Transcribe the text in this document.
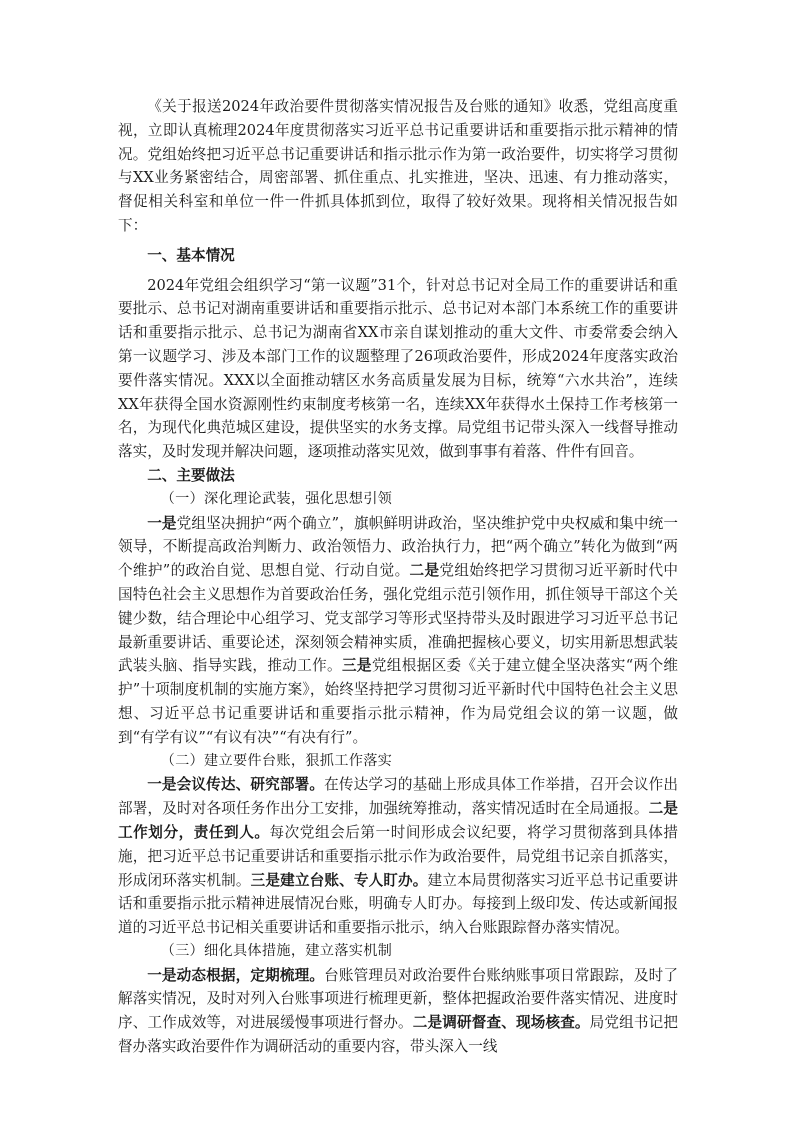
《关于报送2024年政治要件贯彻落实情况报告及台账的通知》收悉，党组高度重视，立即认真梳理2024年度贯彻落实习近平总书记重要讲话和重要指示批示精神的情况。党组始终把习近平总书记重要讲话和指示批示作为第一政治要件，切实将学习贯彻与XX业务紧密结合，周密部署、抓住重点、扎实推进，坚决、迅速、有力推动落实，督促相关科室和单位一件一件抓具体抓到位，取得了较好效果。现将相关情况报告如下：

一、基本情况

2024年党组会组织学习“第一议题”31个，针对总书记对全局工作的重要讲话和重要批示、总书记对湖南重要讲话和重要指示批示、总书记对本部门本系统工作的重要讲话和重要指示批示、总书记为湖南省XX市亲自谋划推动的重大文件、市委常委会纳入第一议题学习、涉及本部门工作的议题整理了26项政治要件，形成2024年度落实政治要件落实情况。XXX以全面推动辖区水务高质量发展为目标，统筹“六水共治”，连续XX年获得全国水资源刚性约束制度考核第一名，连续XX年获得水土保持工作考核第一名，为现代化典范城区建设，提供坚实的水务支撑。局党组书记带头深入一线督导推动落实，及时发现并解决问题，逐项推动落实见效，做到事事有着落、件件有回音。

二、主要做法

（一）深化理论武装，强化思想引领

一是党组坚决拥护“两个确立”，旗帜鲜明讲政治，坚决维护党中央权威和集中统一领导，不断提高政治判断力、政治领悟力、政治执行力，把“两个确立”转化为做到“两个维护”的政治自觉、思想自觉、行动自觉。二是党组始终把学习贯彻习近平新时代中国特色社会主义思想作为首要政治任务，强化党组示范引领作用，抓住领导干部这个关键少数，结合理论中心组学习、党支部学习等形式坚持带头及时跟进学习习近平总书记最新重要讲话、重要论述，深刻领会精神实质，准确把握核心要义，切实用新思想武装武装头脑、指导实践，推动工作。三是党组根据区委《关于建立健全坚决落实“两个维护”十项制度机制的实施方案》，始终坚持把学习贯彻习近平新时代中国特色社会主义思想、习近平总书记重要讲话和重要指示批示精神，作为局党组会议的第一议题，做到“有学有议”“有议有决”“有决有行”。

（二）建立要件台账，狠抓工作落实

一是会议传达、研究部署。在传达学习的基础上形成具体工作举措，召开会议作出部署，及时对各项任务作出分工安排，加强统筹推动，落实情况适时在全局通报。二是工作划分，责任到人。每次党组会后第一时间形成会议纪要，将学习贯彻落到具体措施，把习近平总书记重要讲话和重要指示批示作为政治要件，局党组书记亲自抓落实，形成闭环落实机制。三是建立台账、专人盯办。建立本局贯彻落实习近平总书记重要讲话和重要指示批示精神进展情况台账，明确专人盯办。每接到上级印发、传达或新闻报道的习近平总书记相关重要讲话和重要指示批示，纳入台账跟踪督办落实情况。

（三）细化具体措施，建立落实机制

一是动态根据，定期梳理。台账管理员对政治要件台账纳账事项日常跟踪，及时了解落实情况，及时对列入台账事项进行梳理更新，整体把握政治要件落实情况、进度时序、工作成效等，对进展缓慢事项进行督办。二是调研督查、现场核查。局党组书记把督办落实政治要件作为调研活动的重要内容，带头深入一线
